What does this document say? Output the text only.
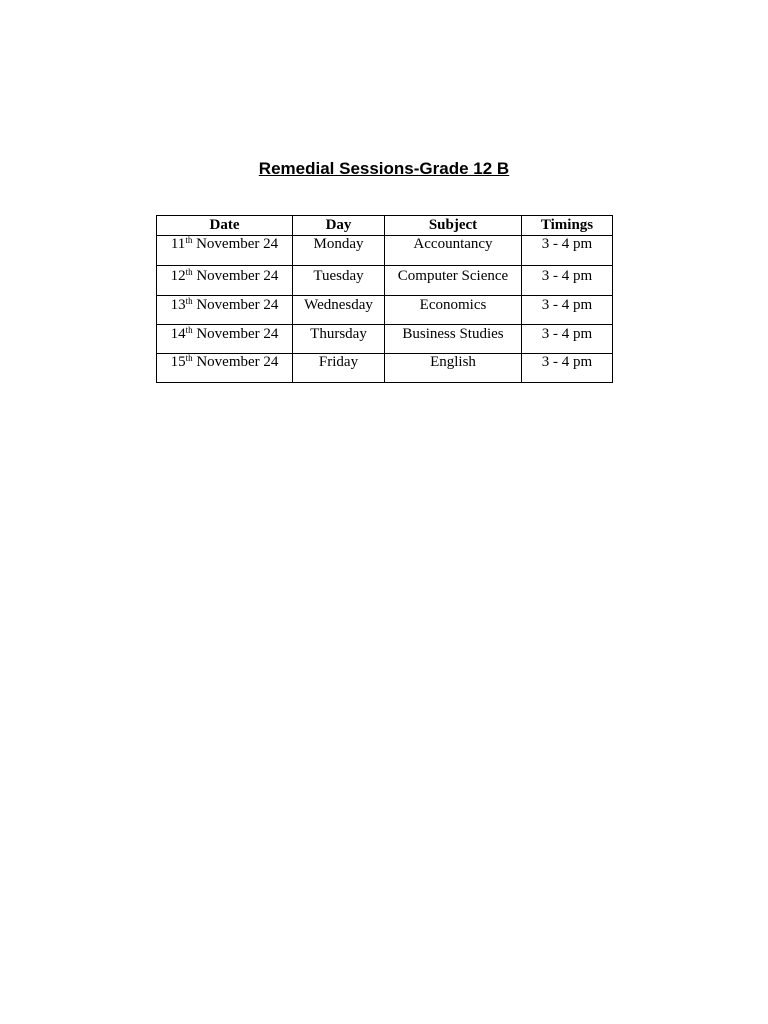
Remedial Sessions-Grade 12 B
Date	Day	Subject	Timings
11th November 24	Monday	Accountancy	3 - 4 pm
12th November 24	Tuesday	Computer Science	3 - 4 pm
13th November 24	Wednesday	Economics	3 - 4 pm
14th November 24	Thursday	Business Studies	3 - 4 pm
15th November 24	Friday	English	3 - 4 pm
